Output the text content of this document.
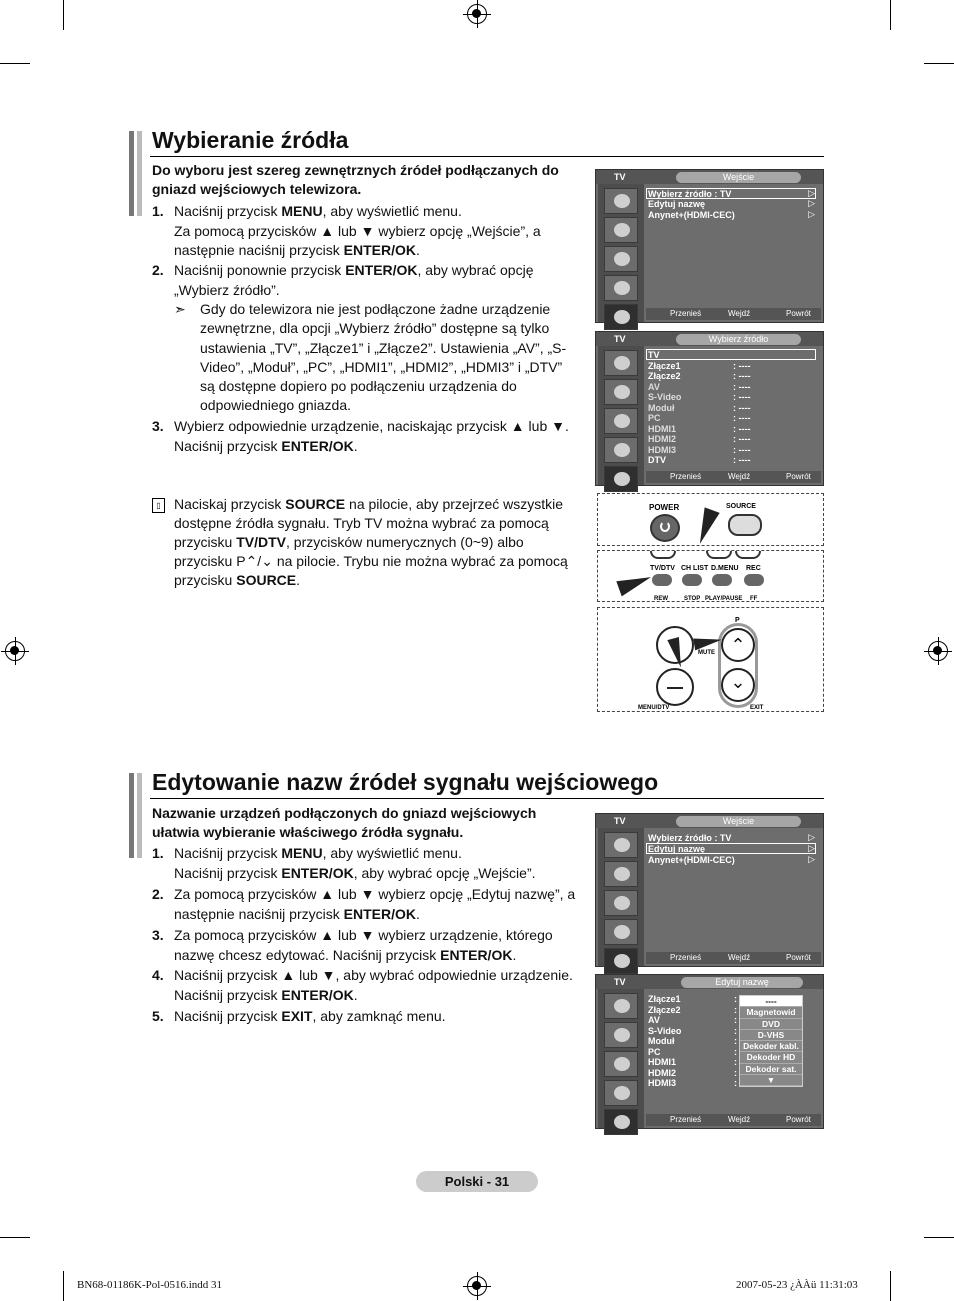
Wybieranie źródła
Do wyboru jest szereg zewnętrznych źródeł podłączanych do gniazd wejściowych telewizora.
1. Naciśnij przycisk MENU, aby wyświetlić menu.
Za pomocą przycisków ▲ lub ▼ wybierz opcję „Wejście”, a
następnie naciśnij przycisk ENTER/OK.
2. Naciśnij ponownie przycisk ENTER/OK, aby wybrać opcję
„Wybierz źródło”.
➣ Gdy do telewizora nie jest podłączone żadne urządzenie zewnętrzne, dla opcji „Wybierz źródło” dostępne są tylko ustawienia „TV”, „Złącze1” i „Złącze2”. Ustawienia „AV”, „S-Video”, „Moduł”, „PC”, „HDMI1”, „HDMI2”, „HDMI3” i „DTV” są dostępne dopiero po podłączeniu urządzenia do odpowiedniego gniazda.
3. Wybierz odpowiednie urządzenie, naciskając przycisk ▲ lub ▼.
Naciśnij przycisk ENTER/OK.
▯ Naciskaj przycisk SOURCE na pilocie, aby przejrzeć wszystkie dostępne źródła sygnału. Tryb TV można wybrać za pomocą przycisku TV/DTV, przycisków numerycznych (0~9) albo przycisku P⌃/⌄ na pilocie. Trybu nie można wybrać za pomocą przycisku SOURCE.
TV	Wejście
Wybierz źródło : TV	▷
Edytuj nazwę	▷
Anynet+(HDMI-CEC)	▷
Przenieś	Wejdź	Powrót
TV	Wybierz źródło
TV
Złącze1	: ----
Złącze2	: ----
AV	: ----
S-Video	: ----
Moduł	: ----
PC	: ----
HDMI1	: ----
HDMI2	: ----
HDMI3	: ----
DTV	: ----
Przenieś	Wejdź	Powrót
POWER	SOURCE
TV/DTV CH LIST D.MENU REC
REW	STOP PLAY/PAUSE FF
MUTE
P
⌃
⌄
MENU/DTV	EXIT
Edytowanie nazw źródeł sygnału wejściowego
Nazwanie urządzeń podłączonych do gniazd wejściowych ułatwia wybieranie właściwego źródła sygnału.
1. Naciśnij przycisk MENU, aby wyświetlić menu.
Naciśnij przycisk ENTER/OK, aby wybrać opcję „Wejście”.
2. Za pomocą przycisków ▲ lub ▼ wybierz opcję „Edytuj nazwę”, a
następnie naciśnij przycisk ENTER/OK.
3. Za pomocą przycisków ▲ lub ▼ wybierz urządzenie, którego
nazwę chcesz edytować. Naciśnij przycisk ENTER/OK.
4. Naciśnij przycisk ▲ lub ▼, aby wybrać odpowiednie urządzenie.
Naciśnij przycisk ENTER/OK.
5. Naciśnij przycisk EXIT, aby zamknąć menu.
TV	Wejście
Wybierz źródło : TV	▷
Edytuj nazwę	▷
Anynet+(HDMI-CEC)	▷
Przenieś	Wejdź	Powrót
TV	Edytuj nazwę
Złącze1	:
Złącze2	:
AV	:
S-Video	:
Moduł	:
PC	:
HDMI1	:
HDMI2	:
HDMI3	:
----
Magnetowid
DVD
D-VHS
Dekoder kabl.
Dekoder HD
Dekoder sat.
▼
Przenieś	Wejdź	Powrót
Polski - 31
BN68-01186K-Pol-0516.indd 31	2007-05-23 ¿ÀÀü 11:31:03
